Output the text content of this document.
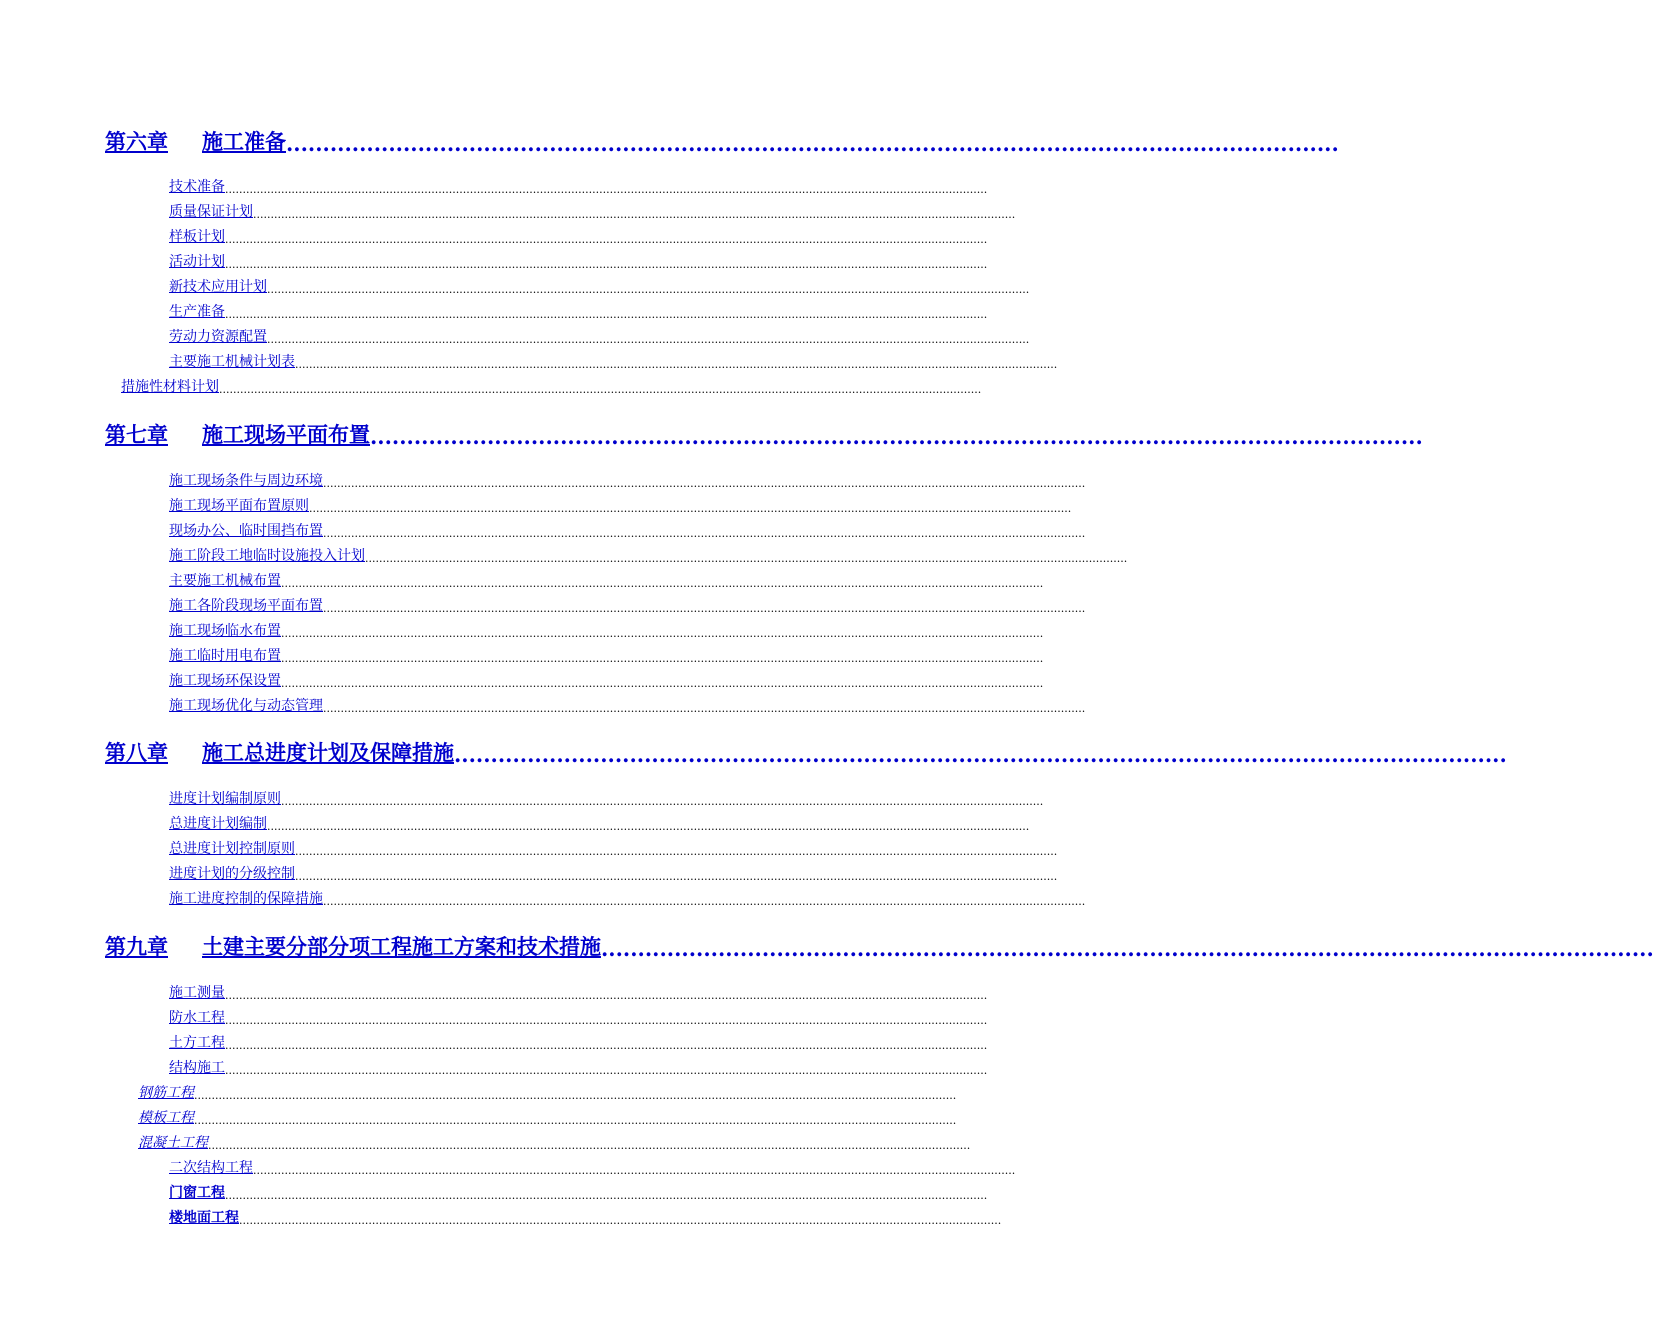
第六章 施工准备 ................................................................................................................................................
技术准备 ..........................................................................................................................................................................................................................
质量保证计划 ..........................................................................................................................................................................................................................
样板计划 ..........................................................................................................................................................................................................................
活动计划 ..........................................................................................................................................................................................................................
新技术应用计划 ..........................................................................................................................................................................................................................
生产准备 ..........................................................................................................................................................................................................................
劳动力资源配置 ..........................................................................................................................................................................................................................
主要施工机械计划表 ..........................................................................................................................................................................................................................
措施性材料计划 ..........................................................................................................................................................................................................................
第七章 施工现场平面布置 ................................................................................................................................................
施工现场条件与周边环境 ..........................................................................................................................................................................................................................
施工现场平面布置原则 ..........................................................................................................................................................................................................................
现场办公、临时围挡布置 ..........................................................................................................................................................................................................................
施工阶段工地临时设施投入计划 ..........................................................................................................................................................................................................................
主要施工机械布置 ..........................................................................................................................................................................................................................
施工各阶段现场平面布置 ..........................................................................................................................................................................................................................
施工现场临水布置 ..........................................................................................................................................................................................................................
施工临时用电布置 ..........................................................................................................................................................................................................................
施工现场环保设置 ..........................................................................................................................................................................................................................
施工现场优化与动态管理 ..........................................................................................................................................................................................................................
第八章 施工总进度计划及保障措施 ................................................................................................................................................
进度计划编制原则 ..........................................................................................................................................................................................................................
总进度计划编制 ..........................................................................................................................................................................................................................
总进度计划控制原则 ..........................................................................................................................................................................................................................
进度计划的分级控制 ..........................................................................................................................................................................................................................
施工进度控制的保障措施 ..........................................................................................................................................................................................................................
第九章 土建主要分部分项工程施工方案和技术措施 ................................................................................................................................................
施工测量 ..........................................................................................................................................................................................................................
防水工程 ..........................................................................................................................................................................................................................
土方工程 ..........................................................................................................................................................................................................................
结构施工 ..........................................................................................................................................................................................................................
钢筋工程 ..........................................................................................................................................................................................................................
模板工程 ..........................................................................................................................................................................................................................
混凝土工程 ..........................................................................................................................................................................................................................
二次结构工程 ..........................................................................................................................................................................................................................
门窗工程 ..........................................................................................................................................................................................................................
楼地面工程 ..........................................................................................................................................................................................................................
